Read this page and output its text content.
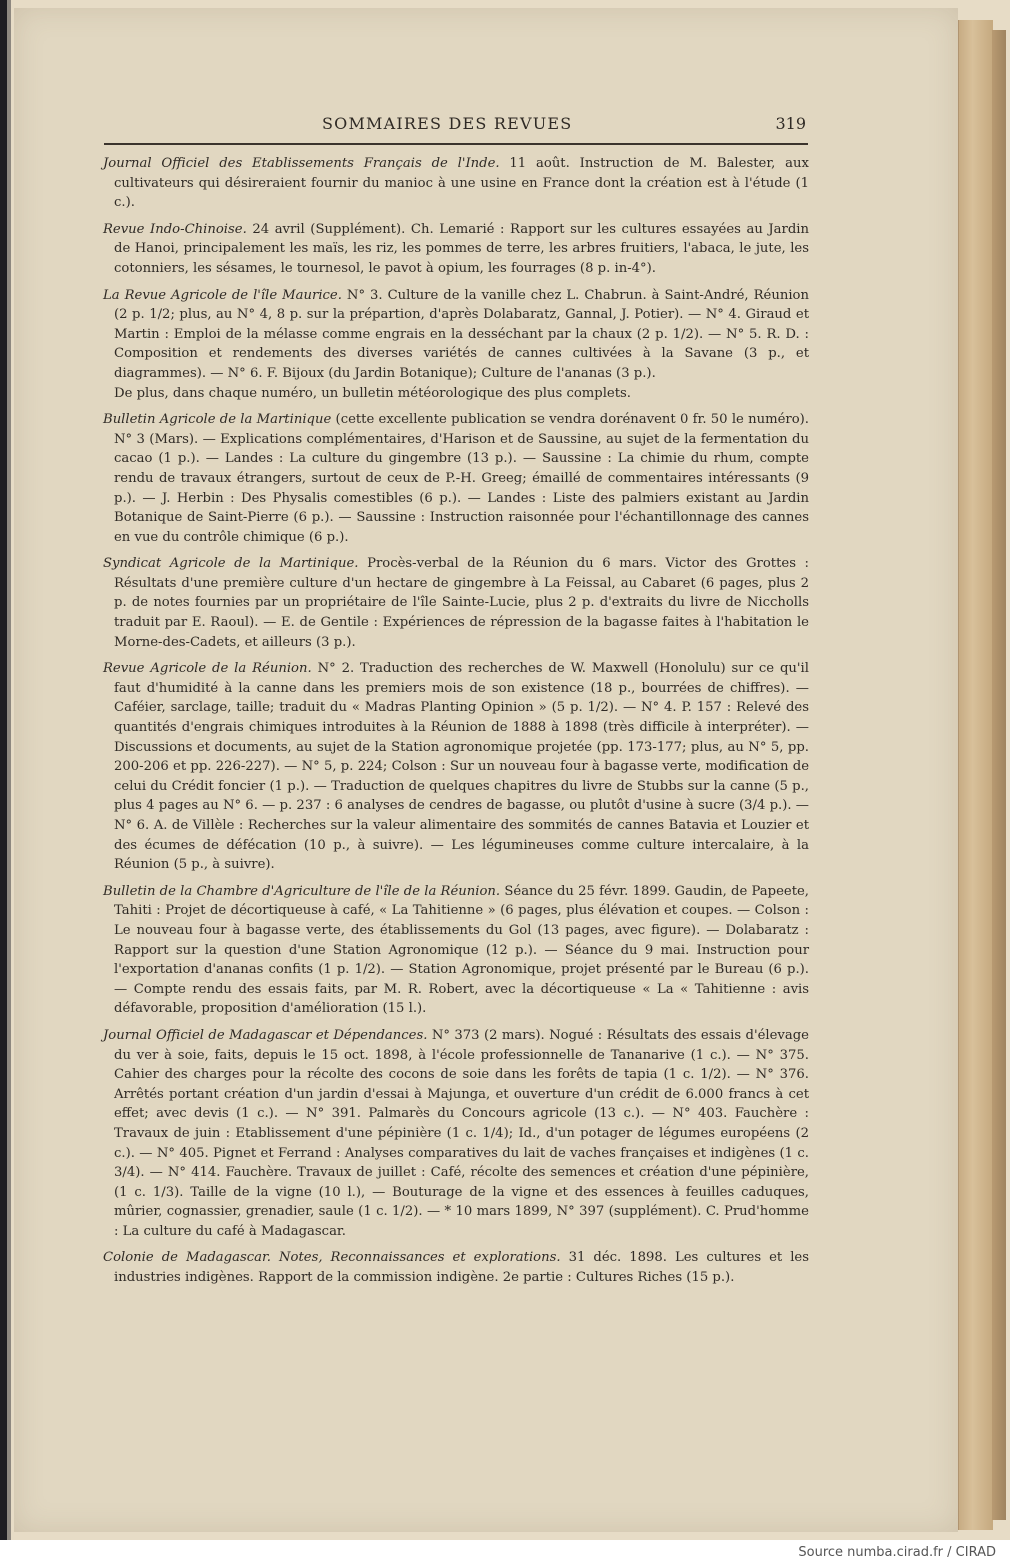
SOMMAIRES DES REVUES	319

Journal Officiel des Etablissements Français de l'Inde. 11 août. Instruction de M. Balester, aux cultivateurs qui désireraient fournir du manioc à une usine en France dont la création est à l'étude (1 c.).

Revue Indo-Chinoise. 24 avril (Supplément). Ch. Lemarié : Rapport sur les cultures essayées au Jardin de Hanoi, principalement les maïs, les riz, les pommes de terre, les arbres fruitiers, l'abaca, le jute, les cotonniers, les sésames, le tournesol, le pavot à opium, les fourrages (8 p. in-4°).

La Revue Agricole de l'île Maurice. N° 3. Culture de la vanille chez L. Chabrun. à Saint-André, Réunion (2 p. 1/2; plus, au N° 4, 8 p. sur la prépartion, d'après Dolabaratz, Gannal, J. Potier). — N° 4. Giraud et Martin : Emploi de la mélasse comme engrais en la desséchant par la chaux (2 p. 1/2). — N° 5. R. D. : Composition et rendements des diverses variétés de cannes cultivées à la Savane (3 p., et diagrammes). — N° 6. F. Bijoux (du Jardin Botanique); Culture de l'ananas (3 p.).
De plus, dans chaque numéro, un bulletin météorologique des plus complets.

Bulletin Agricole de la Martinique (cette excellente publication se vendra dorénavent 0 fr. 50 le numéro). N° 3 (Mars). — Explications complémentaires, d'Harison et de Saussine, au sujet de la fermentation du cacao (1 p.). — Landes : La culture du gingembre (13 p.). — Saussine : La chimie du rhum, compte rendu de travaux étrangers, surtout de ceux de P.-H. Greeg; émaillé de commentaires intéressants (9 p.). — J. Herbin : Des Physalis comestibles (6 p.). — Landes : Liste des palmiers existant au Jardin Botanique de Saint-Pierre (6 p.). — Saussine : Instruction raisonnée pour l'échantillonnage des cannes en vue du contrôle chimique (6 p.).

Syndicat Agricole de la Martinique. Procès-verbal de la Réunion du 6 mars. Victor des Grottes : Résultats d'une première culture d'un hectare de gingembre à La Feissal, au Cabaret (6 pages, plus 2 p. de notes fournies par un propriétaire de l'île Sainte-Lucie, plus 2 p. d'extraits du livre de Niccholls traduit par E. Raoul). — E. de Gentile : Expériences de répression de la bagasse faites à l'habitation le Morne-des-Cadets, et ailleurs (3 p.).

Revue Agricole de la Réunion. N° 2. Traduction des recherches de W. Maxwell (Honolulu) sur ce qu'il faut d'humidité à la canne dans les premiers mois de son existence (18 p., bourrées de chiffres). — Caféier, sarclage, taille; traduit du « Madras Planting Opinion » (5 p. 1/2). — N° 4. P. 157 : Relevé des quantités d'engrais chimiques introduites à la Réunion de 1888 à 1898 (très difficile à interpréter). — Discussions et documents, au sujet de la Station agronomique projetée (pp. 173-177; plus, au N° 5, pp. 200-206 et pp. 226-227). — N° 5, p. 224; Colson : Sur un nouveau four à bagasse verte, modification de celui du Crédit foncier (1 p.). — Traduction de quelques chapitres du livre de Stubbs sur la canne (5 p., plus 4 pages au N° 6. — p. 237 : 6 analyses de cendres de bagasse, ou plutôt d'usine à sucre (3/4 p.). — N° 6. A. de Villèle : Recherches sur la valeur alimentaire des sommités de cannes Batavia et Louzier et des écumes de défécation (10 p., à suivre). — Les légumineuses comme culture intercalaire, à la Réunion (5 p., à suivre).

Bulletin de la Chambre d'Agriculture de l'île de la Réunion. Séance du 25 févr. 1899. Gaudin, de Papeete, Tahiti : Projet de décortiqueuse à café, « La Tahitienne » (6 pages, plus élévation et coupes. — Colson : Le nouveau four à bagasse verte, des établissements du Gol (13 pages, avec figure). — Dolabaratz : Rapport sur la question d'une Station Agronomique (12 p.). — Séance du 9 mai. Instruction pour l'exportation d'ananas confits (1 p. 1/2). — Station Agronomique, projet présenté par le Bureau (6 p.). — Compte rendu des essais faits, par M. R. Robert, avec la décortiqueuse « La « Tahitienne : avis défavorable, proposition d'amélioration (15 l.).

Journal Officiel de Madagascar et Dépendances. N° 373 (2 mars). Nogué : Résultats des essais d'élevage du ver à soie, faits, depuis le 15 oct. 1898, à l'école professionnelle de Tananarive (1 c.). — N° 375. Cahier des charges pour la récolte des cocons de soie dans les forêts de tapia (1 c. 1/2). — N° 376. Arrêtés portant création d'un jardin d'essai à Majunga, et ouverture d'un crédit de 6.000 francs à cet effet; avec devis (1 c.). — N° 391. Palmarès du Concours agricole (13 c.). — N° 403. Fauchère : Travaux de juin : Etablissement d'une pépinière (1 c. 1/4); Id., d'un potager de légumes européens (2 c.). — N° 405. Pignet et Ferrand : Analyses comparatives du lait de vaches françaises et indigènes (1 c. 3/4). — N° 414. Fauchère. Travaux de juillet : Café, récolte des semences et création d'une pépinière, (1 c. 1/3). Taille de la vigne (10 l.), — Bouturage de la vigne et des essences à feuilles caduques, mûrier, cognassier, grenadier, saule (1 c. 1/2). — * 10 mars 1899, N° 397 (supplément). C. Prud'homme : La culture du café à Madagascar.

Colonie de Madagascar. Notes, Reconnaissances et explorations. 31 déc. 1898. Les cultures et les industries indigènes. Rapport de la commission indigène. 2e partie : Cultures Riches (15 p.).

Source numba.cirad.fr / CIRAD
